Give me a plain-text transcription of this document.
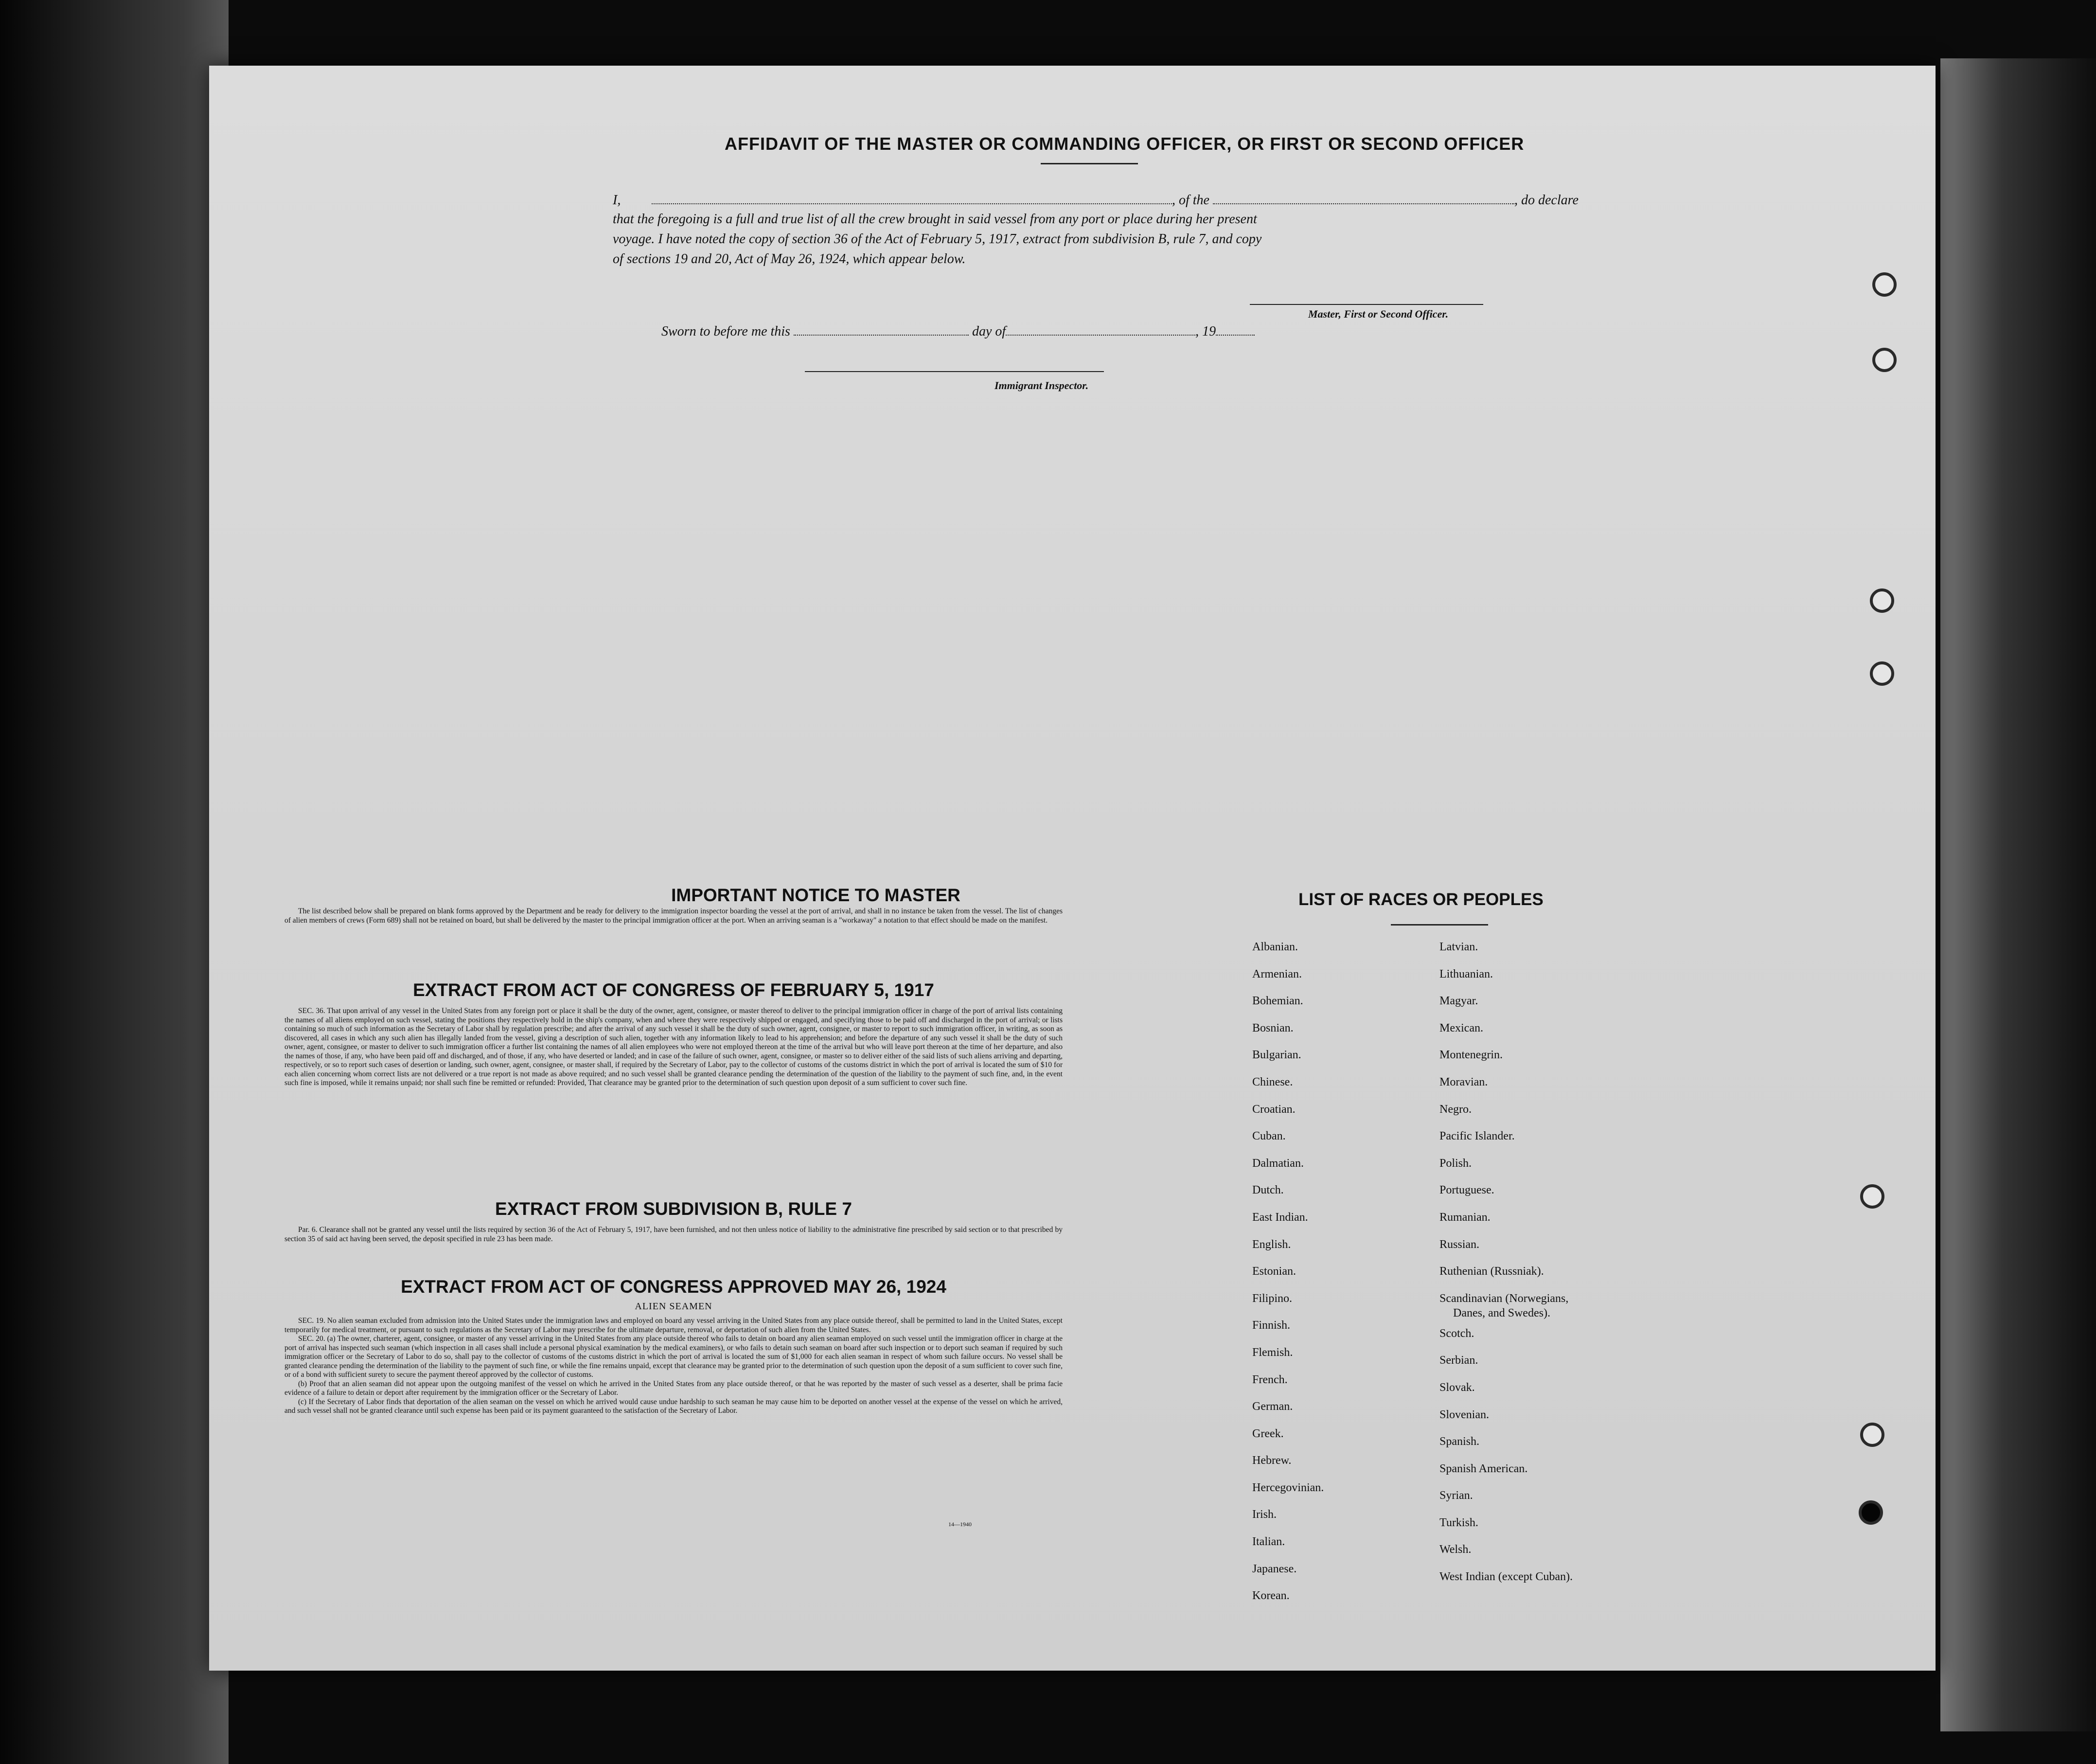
AFFIDAVIT OF THE MASTER OR COMMANDING OFFICER, OR FIRST OR SECOND OFFICER
I,	, of the	, do declare
that the foregoing is a full and true list of all the crew brought in said vessel from any port or place during her present
voyage. I have noted the copy of section 36 of the Act of February 5, 1917, extract from subdivision B, rule 7, and copy
of sections 19 and 20, Act of May 26, 1924, which appear below.
Master, First or Second Officer.
Sworn to before me this	day of	, 19
Immigrant Inspector.
IMPORTANT NOTICE TO MASTER

The list described below shall be prepared on blank forms approved by the Department and be ready for delivery to the immigration inspector boarding the vessel at the port of arrival, and shall in no instance be taken from the vessel. The list of changes of alien members of crews (Form 689) shall not be retained on board, but shall be delivered by the master to the principal immigration officer at the port. When an arriving seaman is a "workaway" a notation to that effect should be made on the manifest.

EXTRACT FROM ACT OF CONGRESS OF FEBRUARY 5, 1917

SEC. 36. That upon arrival of any vessel in the United States from any foreign port or place it shall be the duty of the owner, agent, consignee, or master thereof to deliver to the principal immigration officer in charge of the port of arrival lists containing the names of all aliens employed on such vessel, stating the positions they respectively hold in the ship's company, when and where they were respectively shipped or engaged, and specifying those to be paid off and discharged in the port of arrival; or lists containing so much of such information as the Secretary of Labor shall by regulation prescribe; and after the arrival of any such vessel it shall be the duty of such owner, agent, consignee, or master to report to such immigration officer, in writing, as soon as discovered, all cases in which any such alien has illegally landed from the vessel, giving a description of such alien, together with any information likely to lead to his apprehension; and before the departure of any such vessel it shall be the duty of such owner, agent, consignee, or master to deliver to such immigration officer a further list containing the names of all alien employees who were not employed thereon at the time of the arrival but who will leave port thereon at the time of her departure, and also the names of those, if any, who have been paid off and discharged, and of those, if any, who have deserted or landed; and in case of the failure of such owner, agent, consignee, or master so to deliver either of the said lists of such aliens arriving and departing, respectively, or so to report such cases of desertion or landing, such owner, agent, consignee, or master shall, if required by the Secretary of Labor, pay to the collector of customs of the customs district in which the port of arrival is located the sum of $10 for each alien concerning whom correct lists are not delivered or a true report is not made as above required; and no such vessel shall be granted clearance pending the determination of the question of the liability to the payment of such fine, and, in the event such fine is imposed, while it remains unpaid; nor shall such fine be remitted or refunded: Provided, That clearance may be granted prior to the determination of such question upon deposit of a sum sufficient to cover such fine.

EXTRACT FROM SUBDIVISION B, RULE 7

Par. 6. Clearance shall not be granted any vessel until the lists required by section 36 of the Act of February 5, 1917, have been furnished, and not then unless notice of liability to the administrative fine prescribed by said section or to that prescribed by section 35 of said act having been served, the deposit specified in rule 23 has been made.

EXTRACT FROM ACT OF CONGRESS APPROVED MAY 26, 1924
ALIEN SEAMEN

SEC. 19. No alien seaman excluded from admission into the United States under the immigration laws and employed on board any vessel arriving in the United States from any place outside thereof, shall be permitted to land in the United States, except temporarily for medical treatment, or pursuant to such regulations as the Secretary of Labor may prescribe for the ultimate departure, removal, or deportation of such alien from the United States.

SEC. 20. (a) The owner, charterer, agent, consignee, or master of any vessel arriving in the United States from any place outside thereof who fails to detain on board any alien seaman employed on such vessel until the immigration officer in charge at the port of arrival has inspected such seaman (which inspection in all cases shall include a personal physical examination by the medical examiners), or who fails to detain such seaman on board after such inspection or to deport such seaman if required by such immigration officer or the Secretary of Labor to do so, shall pay to the collector of customs of the customs district in which the port of arrival is located the sum of $1,000 for each alien seaman in respect of whom such failure occurs. No vessel shall be granted clearance pending the determination of the liability to the payment of such fine, or while the fine remains unpaid, except that clearance may be granted prior to the determination of such question upon the deposit of a sum sufficient to cover such fine, or of a bond with sufficient surety to secure the payment thereof approved by the collector of customs.

(b) Proof that an alien seaman did not appear upon the outgoing manifest of the vessel on which he arrived in the United States from any place outside thereof, or that he was reported by the master of such vessel as a deserter, shall be prima facie evidence of a failure to detain or deport after requirement by the immigration officer or the Secretary of Labor.

(c) If the Secretary of Labor finds that deportation of the alien seaman on the vessel on which he arrived would cause undue hardship to such seaman he may cause him to be deported on another vessel at the expense of the vessel on which he arrived, and such vessel shall not be granted clearance until such expense has been paid or its payment guaranteed to the satisfaction of the Secretary of Labor.

14—1940
LIST OF RACES OR PEOPLES
Albanian.
Armenian.
Bohemian.
Bosnian.
Bulgarian.
Chinese.
Croatian.
Cuban.
Dalmatian.
Dutch.
East Indian.
English.
Estonian.
Filipino.
Finnish.
Flemish.
French.
German.
Greek.
Hebrew.
Hercegovinian.
Irish.
Italian.
Japanese.
Korean.
Latvian.
Lithuanian.
Magyar.
Mexican.
Montenegrin.
Moravian.
Negro.
Pacific Islander.
Polish.
Portuguese.
Rumanian.
Russian.
Ruthenian (Russniak).
Scandinavian (Norwegians,
Danes, and Swedes).
Scotch.
Serbian.
Slovak.
Slovenian.
Spanish.
Spanish American.
Syrian.
Turkish.
Welsh.
West Indian (except Cuban).
